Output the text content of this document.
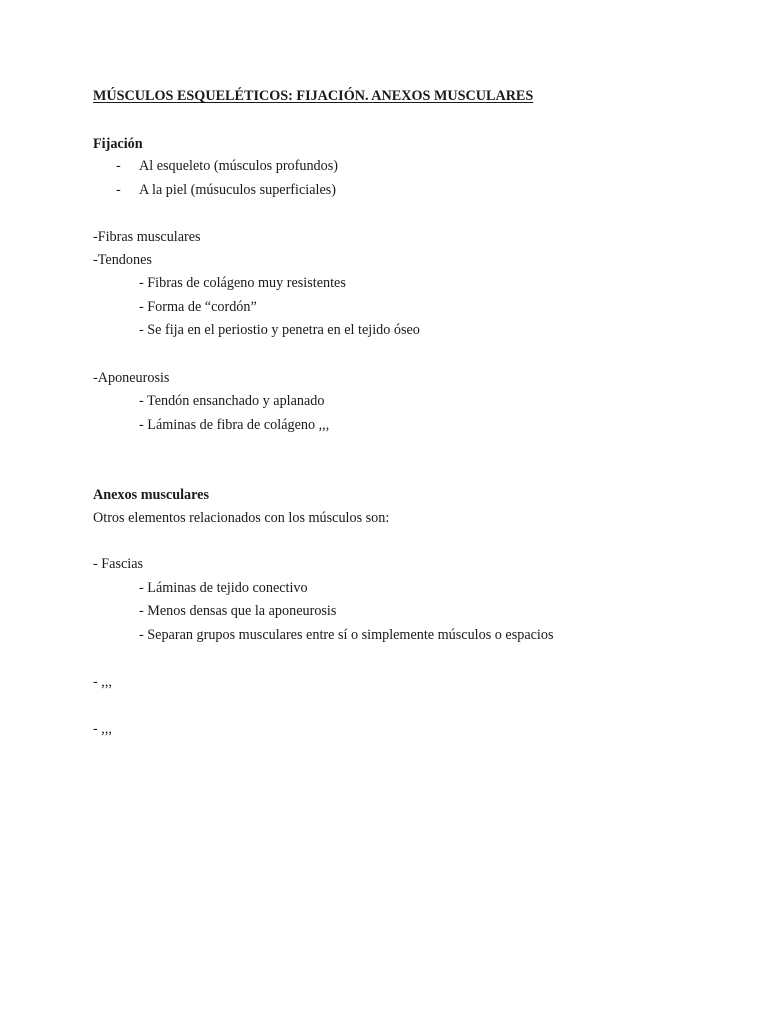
MÚSCULOS ESQUELÉTICOS: FIJACIÓN. ANEXOS MUSCULARES
Fijación
- Al esqueleto (músculos profundos)
- A la piel (músuculos superficiales)
-Fibras musculares
-Tendones
- Fibras de colágeno muy resistentes
- Forma de “cordón”
- Se fija en el periostio y penetra en el tejido óseo
-Aponeurosis
- Tendón ensanchado y aplanado
- Láminas de fibra de colágeno ,,,
Anexos musculares
Otros elementos relacionados con los músculos son:
- Fascias
- Láminas de tejido conectivo
- Menos densas que la aponeurosis
- Separan grupos musculares entre sí o simplemente músculos o espacios
- ,,,
- ,,,
